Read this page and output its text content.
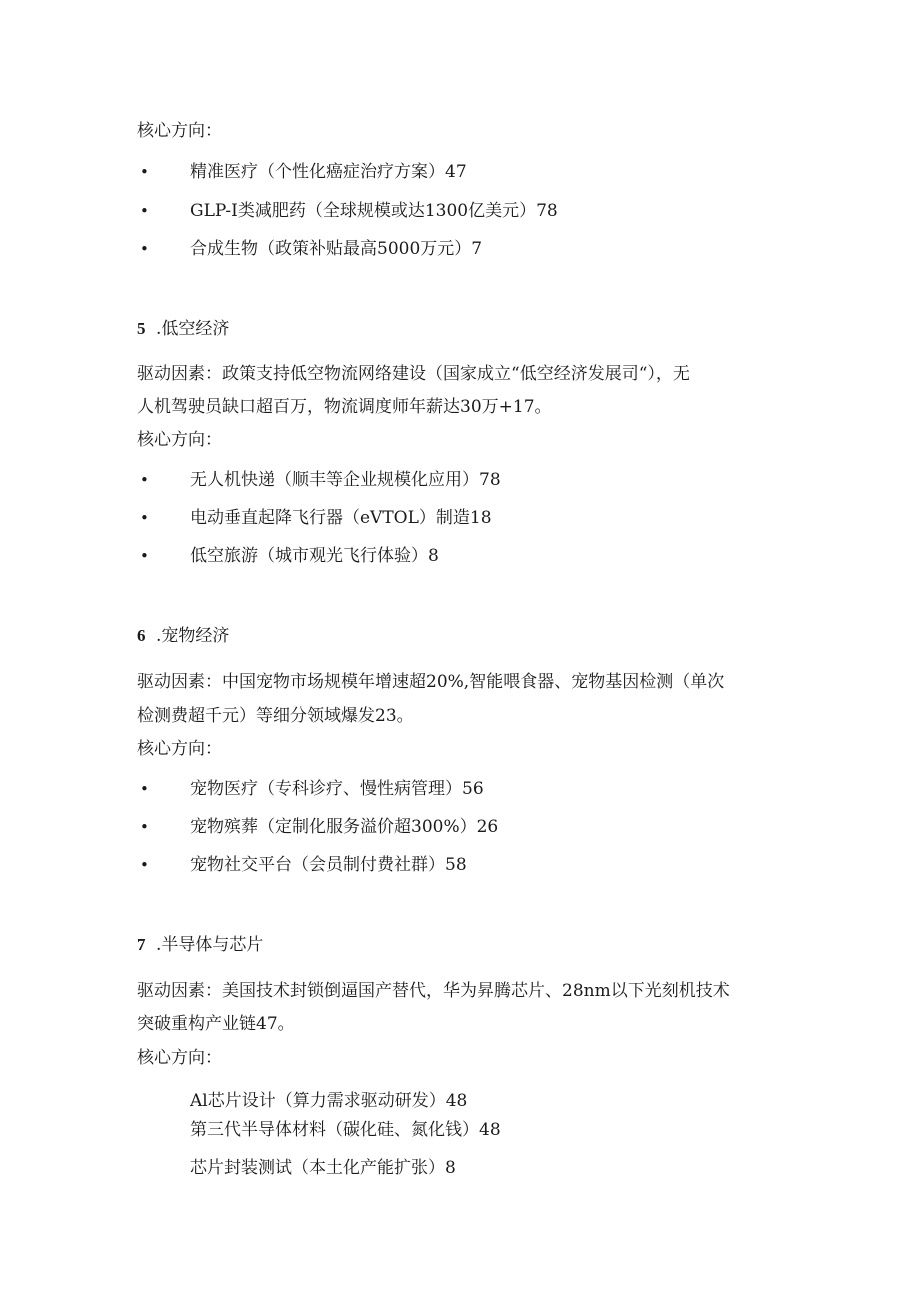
核心方向：
• 精准医疗（个性化癌症治疗方案）47
• GLP-I类减肥药（全球规模或达1300亿美元）78
• 合成生物（政策补贴最高5000万元）7
5 .低空经济
驱动因素：政策支持低空物流网络建设（国家成立“低空经济发展司“），无
人机驾驶员缺口超百万，物流调度师年薪达30万+17。
核心方向：
• 无人机快递（顺丰等企业规模化应用）78
• 电动垂直起降飞行器（eVTOL）制造18
• 低空旅游（城市观光飞行体验）8
6 .宠物经济
驱动因素：中国宠物市场规模年增速超20%,智能喂食器、宠物基因检测（单次
检测费超千元）等细分领域爆发23。
核心方向：
• 宠物医疗（专科诊疗、慢性病管理）56
• 宠物殡葬（定制化服务溢价超300%）26
• 宠物社交平台（会员制付费社群）58
7 .半导体与芯片
驱动因素：美国技术封锁倒逼国产替代，华为昇腾芯片、28nm以下光刻机技术
突破重构产业链47。
核心方向：
Al芯片设计（算力需求驱动研发）48
第三代半导体材料（碳化硅、氮化钱）48
芯片封装测试（本土化产能扩张）8
